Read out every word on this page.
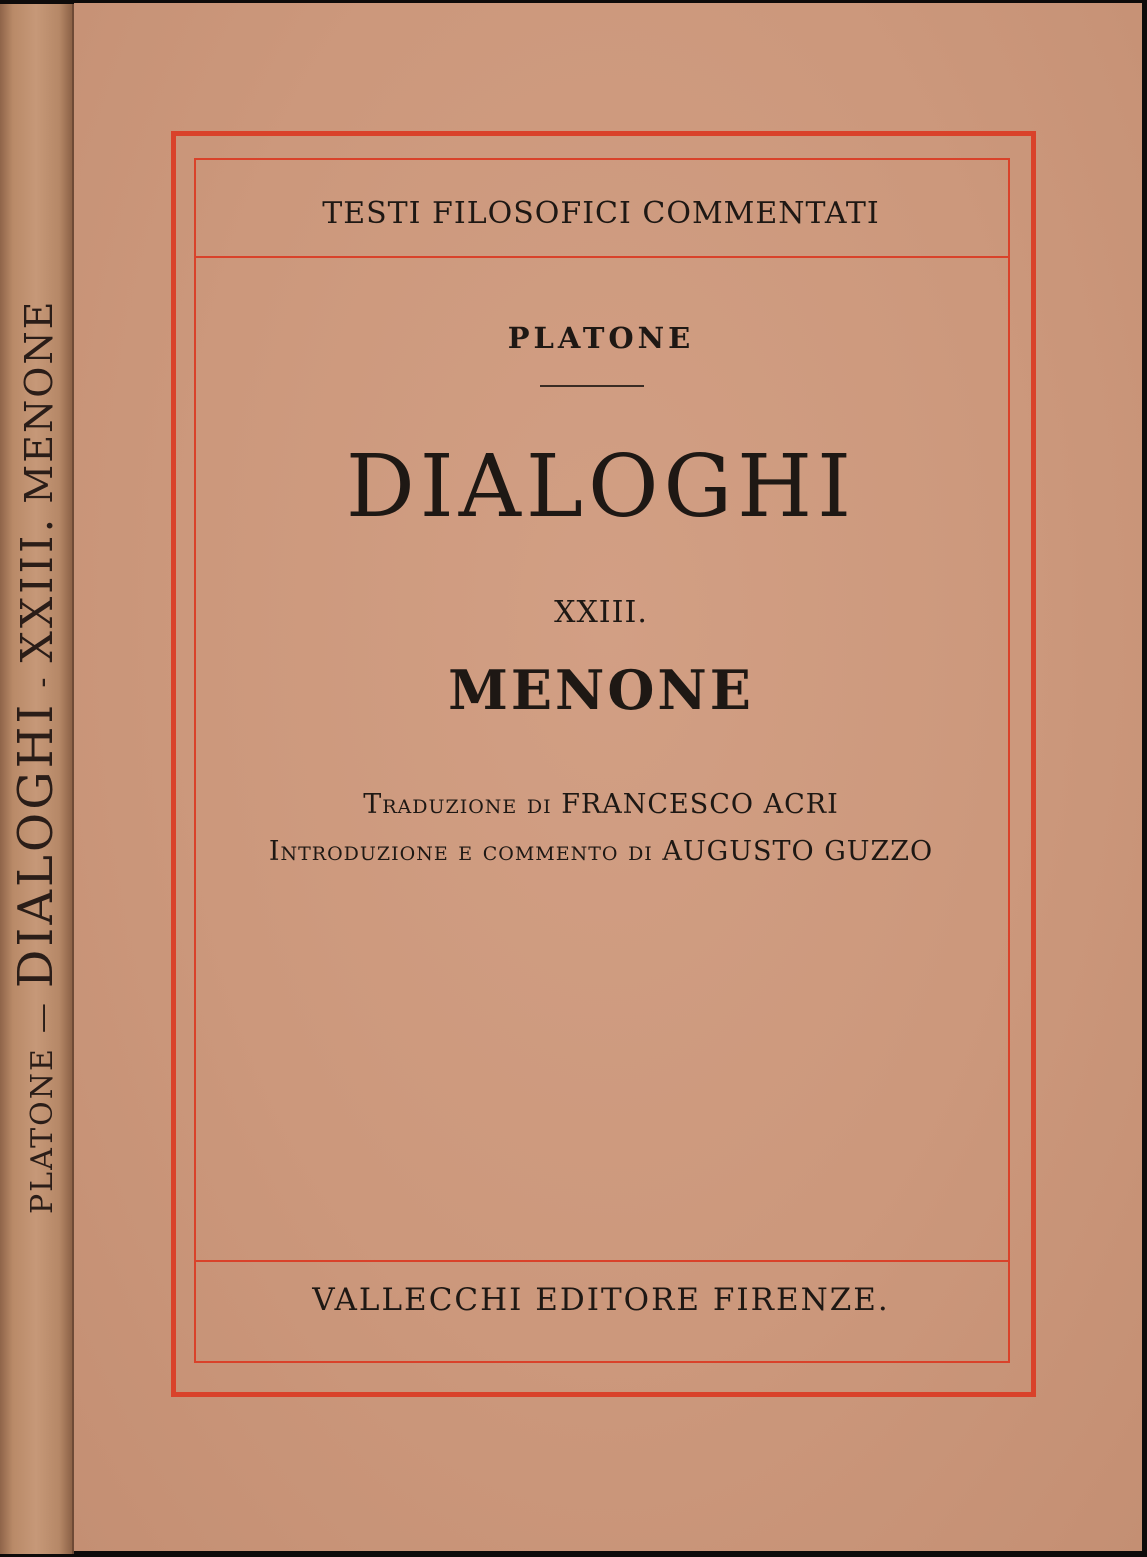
PLATONE—DIALOGHI-XXIII.MENONE
TESTI FILOSOFICI COMMENTATI
PLATONE
DIALOGHI
XXIII.
MENONE
Traduzione di FRANCESCO ACRI
Introduzione e commento di AUGUSTO GUZZO
VALLECCHI EDITORE FIRENZE.
